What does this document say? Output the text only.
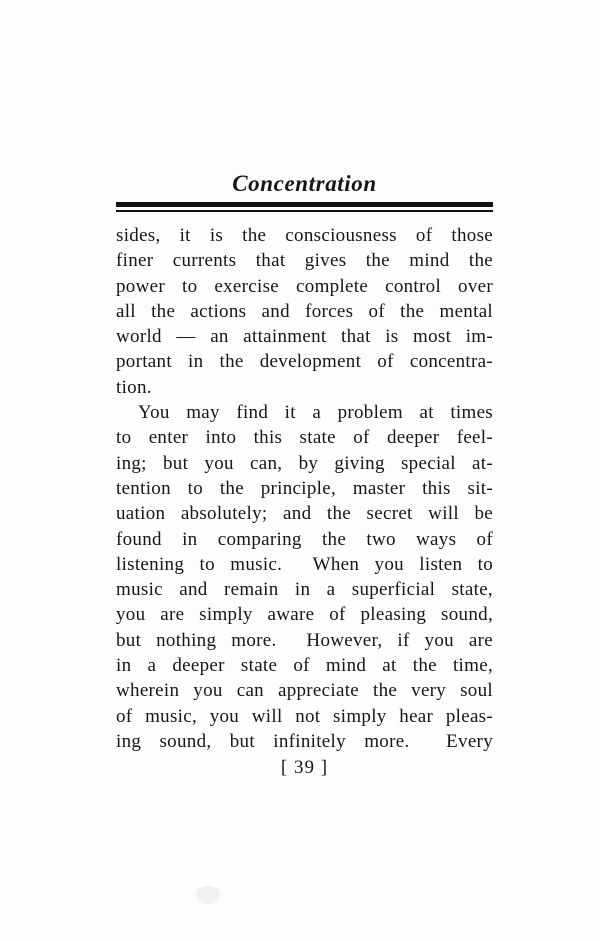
Concentration
sides, it is the consciousness of those
finer currents that gives the mind the
power to exercise complete control over
all the actions and forces of the mental
world — an attainment that is most im-
portant in the development of concentra-
tion.
You may find it a problem at times
to enter into this state of deeper feel-
ing; but you can, by giving special at-
tention to the principle, master this sit-
uation absolutely; and the secret will be
found in comparing the two ways of
listening to music.  When you listen to
music and remain in a superficial state,
you are simply aware of pleasing sound,
but nothing more.  However, if you are
in a deeper state of mind at the time,
wherein you can appreciate the very soul
of music, you will not simply hear pleas-
ing sound, but infinitely more.  Every
[ 39 ]
